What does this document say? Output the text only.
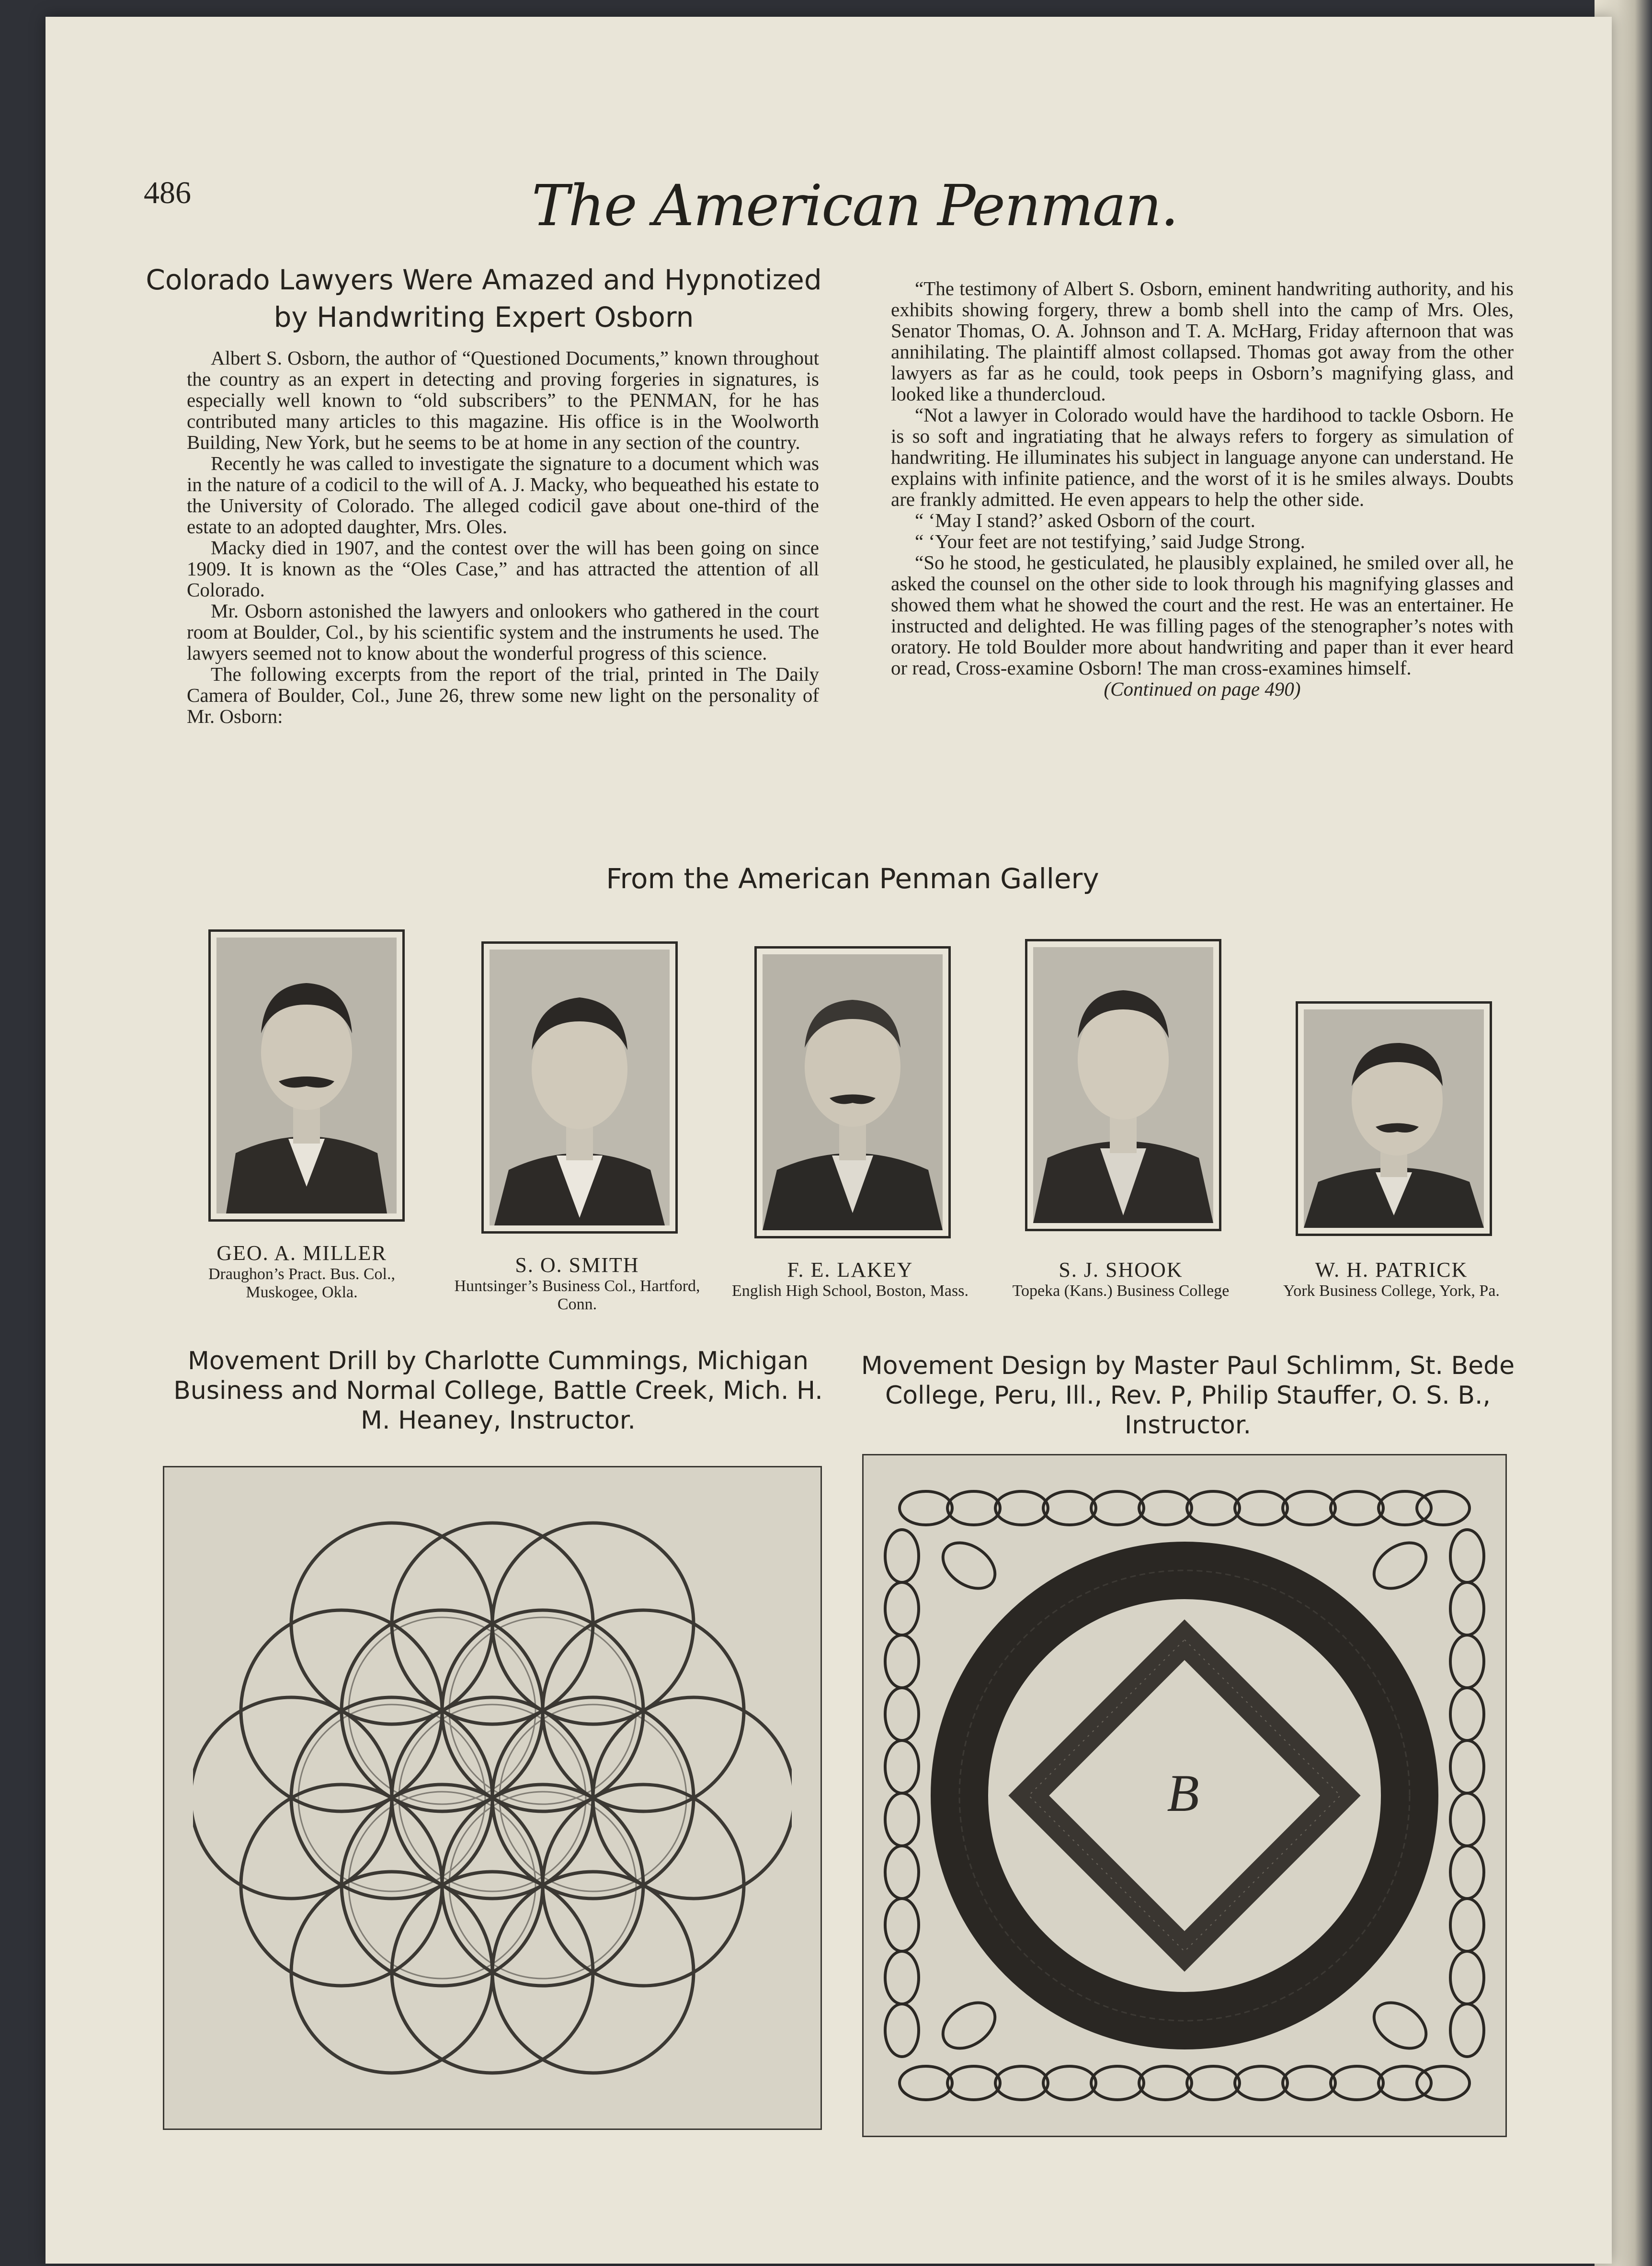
486	The American Penman.
Colorado Lawyers Were Amazed and Hypnotized by Handwriting Expert Osborn

Albert S. Osborn, the author of “Questioned Documents,” known throughout the country as an expert in detecting and proving forgeries in signatures, is especially well known to “old subscribers” to the PENMAN, for he has contributed many articles to this magazine. His office is in the Woolworth Building, New York, but he seems to be at home in any section of the country.

Recently he was called to investigate the signature to a document which was in the nature of a codicil to the will of A. J. Macky, who bequeathed his estate to the University of Colorado. The alleged codicil gave about one-third of the estate to an adopted daughter, Mrs. Oles.

Macky died in 1907, and the contest over the will has been going on since 1909. It is known as the “Oles Case,” and has attracted the attention of all Colorado.

Mr. Osborn astonished the lawyers and onlookers who gathered in the court room at Boulder, Col., by his scientific system and the instruments he used. The lawyers seemed not to know about the wonderful progress of this science.

The following excerpts from the report of the trial, printed in The Daily Camera of Boulder, Col., June 26, threw some new light on the personality of Mr. Osborn:

“The testimony of Albert S. Osborn, eminent handwriting authority, and his exhibits showing forgery, threw a bomb shell into the camp of Mrs. Oles, Senator Thomas, O. A. Johnson and T. A. McHarg, Friday afternoon that was annihilating. The plaintiff almost collapsed. Thomas got away from the other lawyers as far as he could, took peeps in Osborn’s magnifying glass, and looked like a thundercloud.

“Not a lawyer in Colorado would have the hardihood to tackle Osborn. He is so soft and ingratiating that he always refers to forgery as simulation of handwriting. He illuminates his subject in language anyone can understand. He explains with infinite patience, and the worst of it is he smiles always. Doubts are frankly admitted. He even appears to help the other side.

“ ‘May I stand?’ asked Osborn of the court.

“ ‘Your feet are not testifying,’ said Judge Strong.

“So he stood, he gesticulated, he plausibly explained, he smiled over all, he asked the counsel on the other side to look through his magnifying glasses and showed them what he showed the court and the rest. He was an entertainer. He instructed and delighted. He was filling pages of the stenographer’s notes with oratory. He told Boulder more about handwriting and paper than it ever heard or read, Cross-examine Osborn! The man cross-examines himself.

(Continued on page 490)

From the American Penman Gallery
GEO. A. MILLER
Draughon’s Pract. Bus. Col., Muskogee, Okla.
S. O. SMITH
Huntsinger’s Business Col., Hartford, Conn.
F. E. LAKEY
English High School, Boston, Mass.
S. J. SHOOK
Topeka (Kans.) Business College
W. H. PATRICK
York Business College, York, Pa.
Movement Drill by Charlotte Cummings, Michigan Business and Normal College, Battle Creek, Mich. H. M. Heaney, Instructor.
Movement Design by Master Paul Schlimm, St. Bede College, Peru, Ill., Rev. P, Philip Stauffer, O. S. B., Instructor.
B
